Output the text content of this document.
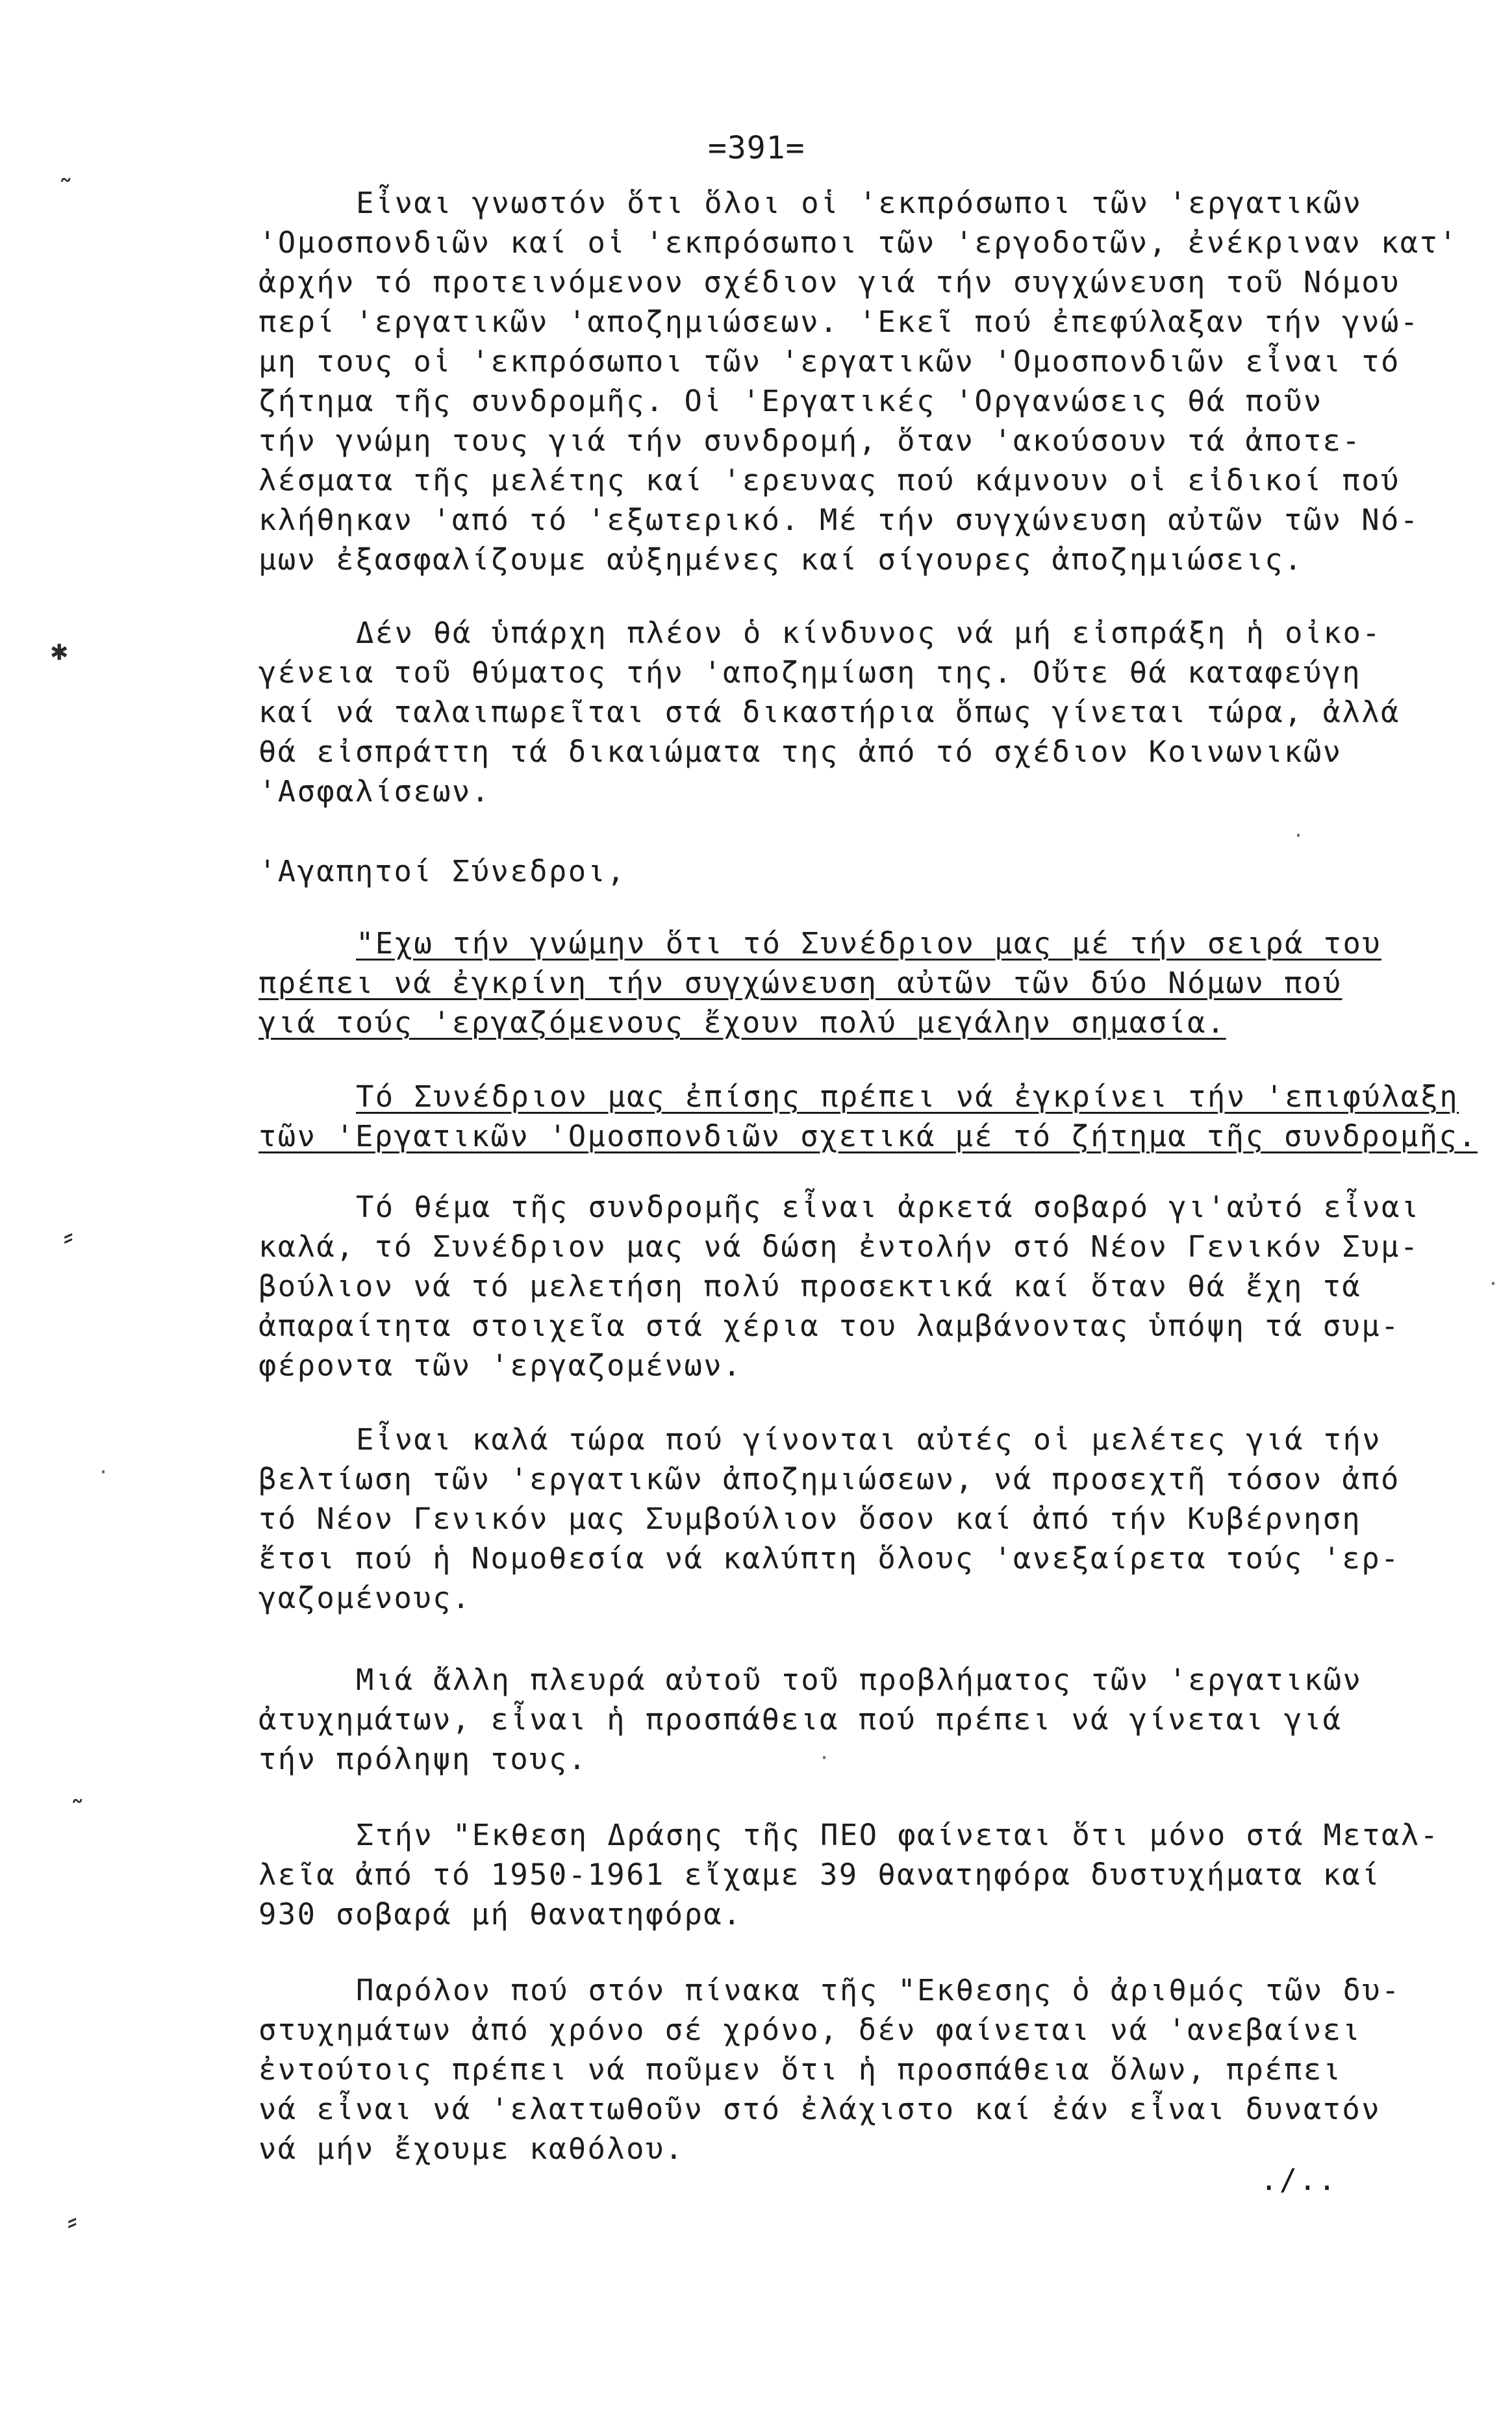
=391=
Εἶναι γνωστόν ὅτι ὅλοι οἱ 'εκπρόσωποι τῶν 'εργατικῶν
'Ομοσπονδιῶν καί οἱ 'εκπρόσωποι τῶν 'εργοδοτῶν, ἐνέκριναν κατ'
ἀρχήν τό προτεινόμενον σχέδιον γιά τήν συγχώνευση τοῦ Νόμου
περί 'εργατικῶν 'αποζημιώσεων. 'Εκεῖ πού ἐπεφύλαξαν τήν γνώ-
μη τους οἱ 'εκπρόσωποι τῶν 'εργατικῶν 'Ομοσπονδιῶν εἶναι τό
ζήτημα τῆς συνδρομῆς. Οἱ 'Εργατικές 'Οργανώσεις θά ποῦν
τήν γνώμη τους γιά τήν συνδρομή, ὅταν 'ακούσουν τά ἀποτε-
λέσματα τῆς μελέτης καί 'ερευνας πού κάμνουν οἱ εἰδικοί πού
κλήθηκαν 'από τό 'εξωτερικό. Μέ τήν συγχώνευση αὐτῶν τῶν Νό-
μων ἐξασφαλίζουμε αὐξημένες καί σίγουρες ἀποζημιώσεις.
Δέν θά ὑπάρχη πλέον ὁ κίνδυνος νά μή εἰσπράξη ἡ οἰκο-
γένεια τοῦ θύματος τήν 'αποζημίωση της. Οὔτε θά καταφεύγη
καί νά ταλαιπωρεῖται στά δικαστήρια ὅπως γίνεται τώρα, ἀλλά
θά εἰσπράττη τά δικαιώματα της ἀπό τό σχέδιον Κοινωνικῶν
'Ασφαλίσεων.
'Αγαπητοί Σύνεδροι,
"Εχω τήν γνώμην ὅτι τό Συνέδριον μας μέ τήν σειρά του
πρέπει νά ἐγκρίνη τήν συγχώνευση αὐτῶν τῶν δύο Νόμων πού
γιά τούς 'εργαζόμενους ἔχουν πολύ μεγάλην σημασία.
Τό Συνέδριον μας ἐπίσης πρέπει νά ἐγκρίνει τήν 'επιφύλαξη
τῶν 'Εργατικῶν 'Ομοσπονδιῶν σχετικά μέ τό ζήτημα τῆς συνδρομῆς.
Τό θέμα τῆς συνδρομῆς εἶναι ἀρκετά σοβαρό γι'αὐτό εἶναι
καλά, τό Συνέδριον μας νά δώση ἐντολήν στό Νέον Γενικόν Συμ-
βούλιον νά τό μελετήση πολύ προσεκτικά καί ὅταν θά ἔχη τά
ἀπαραίτητα στοιχεῖα στά χέρια του λαμβάνοντας ὑπόψη τά συμ-
φέροντα τῶν 'εργαζομένων.
Εἶναι καλά τώρα πού γίνονται αὐτές οἱ μελέτες γιά τήν
βελτίωση τῶν 'εργατικῶν ἀποζημιώσεων, νά προσεχτῆ τόσον ἀπό
τό Νέον Γενικόν μας Συμβούλιον ὅσον καί ἀπό τήν Κυβέρνηση
ἔτσι πού ἡ Νομοθεσία νά καλύπτη ὅλους 'ανεξαίρετα τούς 'ερ-
γαζομένους.
Μιά ἄλλη πλευρά αὐτοῦ τοῦ προβλήματος τῶν 'εργατικῶν
ἀτυχημάτων, εἶναι ἡ προσπάθεια πού πρέπει νά γίνεται γιά
τήν πρόληψη τους.
Στήν "Εκθεση Δράσης τῆς ΠΕΟ φαίνεται ὅτι μόνο στά Μεταλ-
λεῖα ἀπό τό 1950-1961 εἴχαμε 39 θανατηφόρα δυστυχήματα καί
930 σοβαρά μή θανατηφόρα.
Παρόλον πού στόν πίνακα τῆς "Εκθεσης ὁ ἀριθμός τῶν δυ-
στυχημάτων ἀπό χρόνο σέ χρόνο, δέν φαίνεται νά 'ανεβαίνει
ἐντούτοις πρέπει νά ποῦμεν ὅτι ἡ προσπάθεια ὅλων, πρέπει
νά εἶναι νά 'ελαττωθοῦν στό ἐλάχιστο καί ἐάν εἶναι δυνατόν
νά μήν ἔχουμε καθόλου.
./..
˜
✱
⸗
˜
⸗
·
·
·
·
